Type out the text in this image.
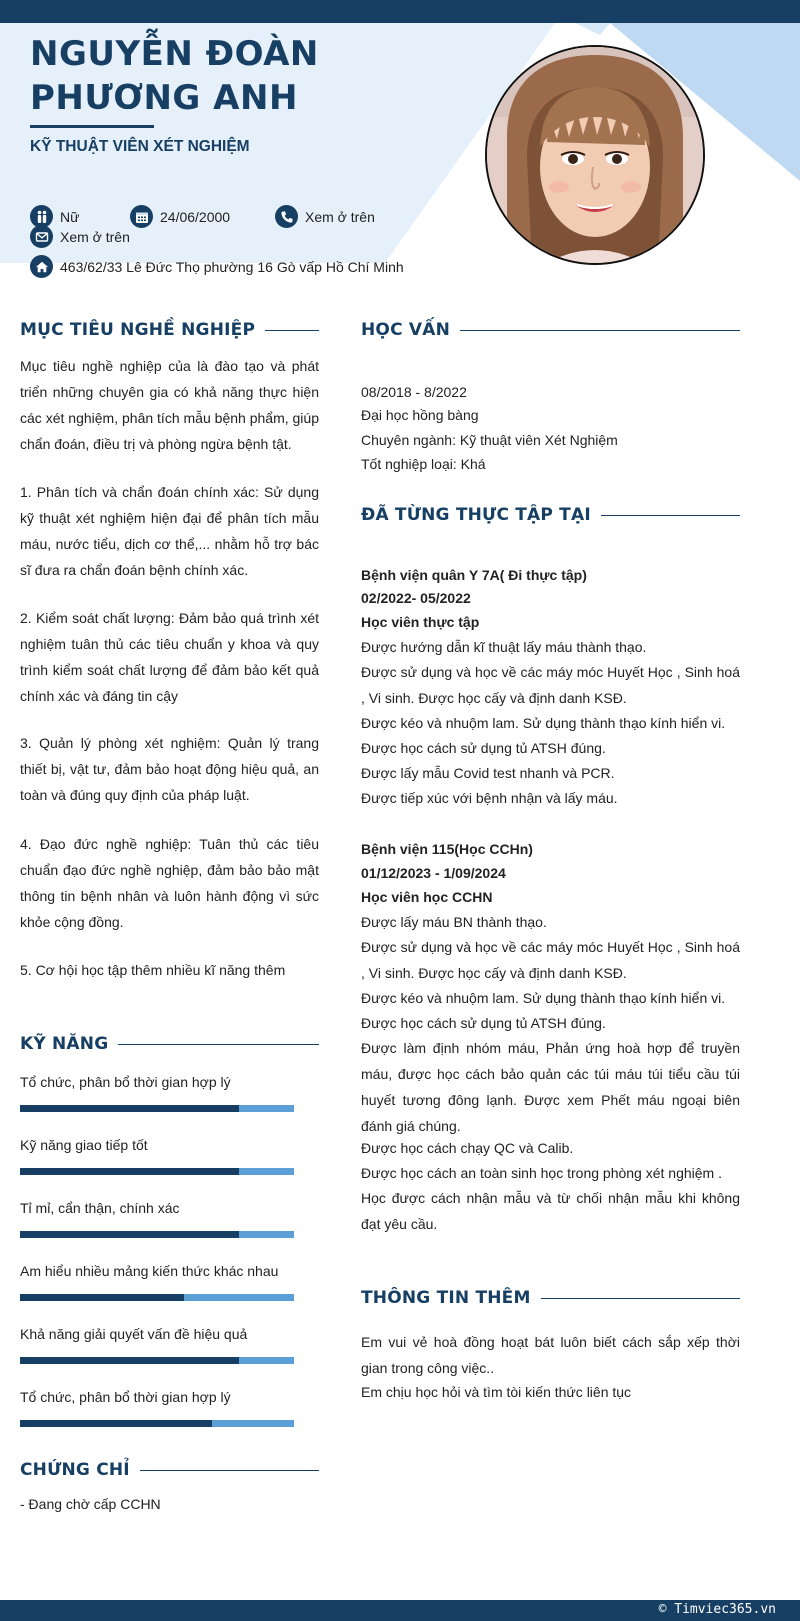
NGUYỄN ĐOÀN
PHƯƠNG ANH
KỸ THUẬT VIÊN XÉT NGHIỆM
Nữ	24/06/2000	Xem ở trên
Xem ở trên
463/62/33 Lê Đức Thọ phường 16 Gò vấp Hồ Chí Minh
MỤC TIÊU NGHỀ NGHIỆP
Mục tiêu nghề nghiệp của là đào tạo và phát triển những chuyên gia có khả năng thực hiện các xét nghiệm, phân tích mẫu bệnh phẩm, giúp chẩn đoán, điều trị và phòng ngừa bệnh tật.
1. Phân tích và chẩn đoán chính xác: Sử dụng kỹ thuật xét nghiệm hiện đại để phân tích mẫu máu, nước tiểu, dịch cơ thể,... nhằm hỗ trợ bác sĩ đưa ra chẩn đoán bệnh chính xác.
2. Kiểm soát chất lượng: Đảm bảo quá trình xét nghiệm tuân thủ các tiêu chuẩn y khoa và quy trình kiểm soát chất lượng để đảm bảo kết quả chính xác và đáng tin cậy
3. Quản lý phòng xét nghiệm: Quản lý trang thiết bị, vật tư, đảm bảo hoạt động hiệu quả, an toàn và đúng quy định của pháp luật.
4. Đạo đức nghề nghiệp: Tuân thủ các tiêu chuẩn đạo đức nghề nghiệp, đảm bảo bảo mật thông tin bệnh nhân và luôn hành động vì sức khỏe cộng đồng.
5. Cơ hội học tập thêm nhiều kĩ năng thêm
KỸ NĂNG
Tổ chức, phân bổ thời gian hợp lý
Kỹ năng giao tiếp tốt
Tỉ mỉ, cẩn thận, chính xác
Am hiểu nhiều mảng kiến thức khác nhau
Khả năng giải quyết vấn đề hiệu quả
Tổ chức, phân bổ thời gian hợp lý
CHỨNG CHỈ
- Đang chờ cấp CCHN
HỌC VẤN
08/2018 - 8/2022
Đại học hồng bàng
Chuyên ngành: Kỹ thuật viên Xét Nghiệm
Tốt nghiệp loại: Khá
ĐÃ TỪNG THỰC TẬP TẠI
Bệnh viện quân Y 7A( Đi thực tập)
02/2022- 05/2022
Học viên thực tập
Được hướng dẫn kĩ thuật lấy máu thành thạo.
Được sử dụng và học về các máy móc Huyết Học , Sinh hoá , Vi sinh. Được học cấy và định danh KSĐ.
Được kéo và nhuộm lam. Sử dụng thành thạo kính hiển vi.
Được học cách sử dụng tủ ATSH đúng.
Được lấy mẫu Covid test nhanh và PCR.
Được tiếp xúc với bệnh nhận và lấy máu.
Bệnh viện 115(Học CCHn)
01/12/2023 - 1/09/2024
Học viên học CCHN
Được lấy máu BN thành thạo.
Được sử dụng và học về các máy móc Huyết Học , Sinh hoá , Vi sinh. Được học cấy và định danh KSĐ.
Được kéo và nhuộm lam. Sử dụng thành thạo kính hiển vi.
Được học cách sử dụng tủ ATSH đúng.
Được làm định nhóm máu, Phản ứng hoà hợp để truyền máu, được học cách bảo quản các túi máu túi tiểu cầu túi huyết tương đông lạnh. Được xem Phết máu ngoại biên đánh giá chúng.
Được học cách chạy QC và Calib.
Được học cách an toàn sinh học trong phòng xét nghiệm .
Học được cách nhận mẫu và từ chối nhận mẫu khi không đạt yêu cầu.
THÔNG TIN THÊM
Em vui vẻ hoà đồng hoạt bát luôn biết cách sắp xếp thời gian trong công việc..
Em chịu học hỏi và tìm tòi kiến thức liên tục
© Timviec365.vn
